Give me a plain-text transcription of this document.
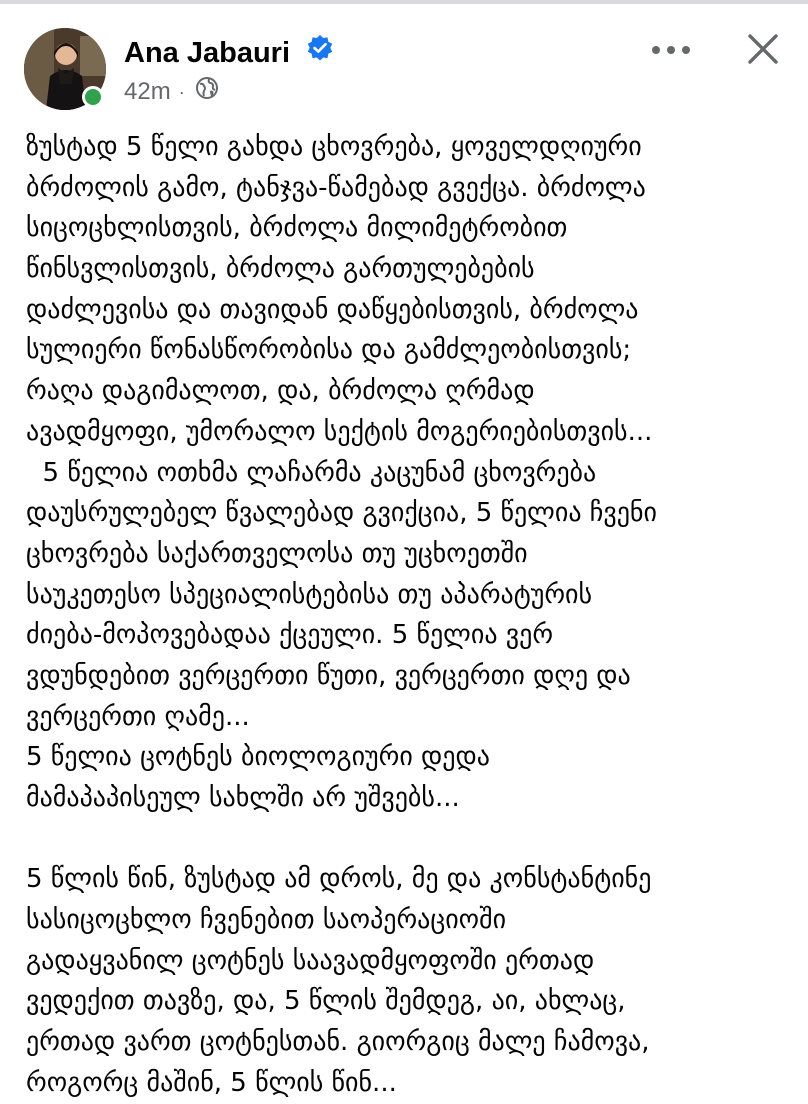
Ana Jabauri
42m ·
ზუსტად 5 წელი გახდა ცხოვრება, ყოველდღიური
ბრძოლის გამო, ტანჯვა-წამებად გვექცა. ბრძოლა
სიცოცხლისთვის, ბრძოლა მილიმეტრობით
წინსვლისთვის, ბრძოლა გართულებების
დაძლევისა და თავიდან დაწყებისთვის, ბრძოლა
სულიერი წონასწორობისა და გამძლეობისთვის;
რაღა დაგიმალოთ, და, ბრძოლა ღრმად
ავადმყოფი, უმორალო სექტის მოგერიებისთვის...
5 წელია ოთხმა ლაჩარმა კაცუნამ ცხოვრება
დაუსრულებელ წვალებად გვიქცია, 5 წელია ჩვენი
ცხოვრება საქართველოსა თუ უცხოეთში
საუკეთესო სპეციალისტებისა თუ აპარატურის
ძიება-მოპოვებადაა ქცეული. 5 წელია ვერ
ვდუნდებით ვერცერთი წუთი, ვერცერთი დღე და
ვერცერთი ღამე...
5 წელია ცოტნეს ბიოლოგიური დედა
მამაპაპისეულ სახლში არ უშვებს...
5 წლის წინ, ზუსტად ამ დროს, მე და კონსტანტინე
სასიცოცხლო ჩვენებით საოპერაციოში
გადაყვანილ ცოტნეს საავადმყოფოში ერთად
ვედექით თავზე, და, 5 წლის შემდეგ, აი, ახლაც,
ერთად ვართ ცოტნესთან. გიორგიც მალე ჩამოვა,
როგორც მაშინ, 5 წლის წინ...
